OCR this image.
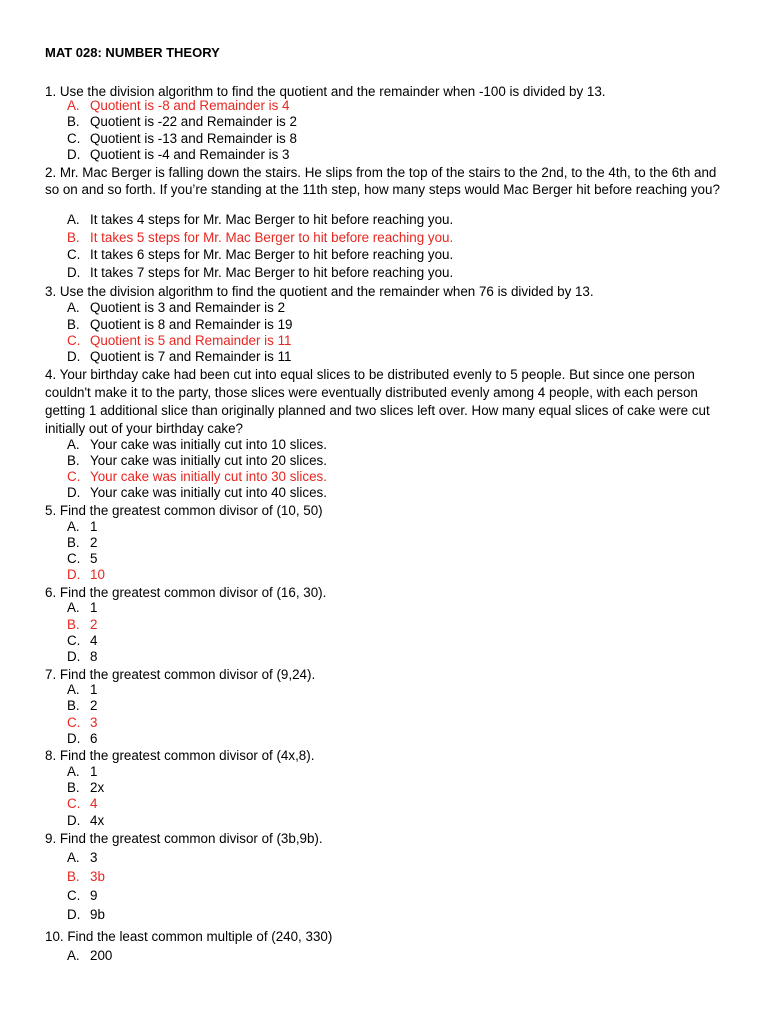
MAT 028: NUMBER THEORY
1. Use the division algorithm to find the quotient and the remainder when -100 is divided by 13.
A. Quotient is -8 and Remainder is 4
B. Quotient is -22 and Remainder is 2
C. Quotient is -13 and Remainder is 8
D. Quotient is -4 and Remainder is 3
2. Mr. Mac Berger is falling down the stairs. He slips from the top of the stairs to the 2nd, to the 4th, to the 6th and so on and so forth. If you’re standing at the 11th step, how many steps would Mac Berger hit before reaching you?
A. It takes 4 steps for Mr. Mac Berger to hit before reaching you.
B. It takes 5 steps for Mr. Mac Berger to hit before reaching you.
C. It takes 6 steps for Mr. Mac Berger to hit before reaching you.
D. It takes 7 steps for Mr. Mac Berger to hit before reaching you.
3. Use the division algorithm to find the quotient and the remainder when 76 is divided by 13.
A. Quotient is 3 and Remainder is 2
B. Quotient is 8 and Remainder is 19
C. Quotient is 5 and Remainder is 11
D. Quotient is 7 and Remainder is 11
4. Your birthday cake had been cut into equal slices to be distributed evenly to 5 people. But since one person couldn't make it to the party, those slices were eventually distributed evenly among 4 people, with each person getting 1 additional slice than originally planned and two slices left over. How many equal slices of cake were cut initially out of your birthday cake?
A. Your cake was initially cut into 10 slices.
B. Your cake was initially cut into 20 slices.
C. Your cake was initially cut into 30 slices.
D. Your cake was initially cut into 40 slices.
5. Find the greatest common divisor of (10, 50)
A. 1
B. 2
C. 5
D. 10
6. Find the greatest common divisor of (16, 30).
A. 1
B. 2
C. 4
D. 8
7. Find the greatest common divisor of (9,24).
A. 1
B. 2
C. 3
D. 6
8. Find the greatest common divisor of (4x,8).
A. 1
B. 2x
C. 4
D. 4x
9. Find the greatest common divisor of (3b,9b).
A. 3
B. 3b
C. 9
D. 9b
10. Find the least common multiple of (240, 330)
A. 200
